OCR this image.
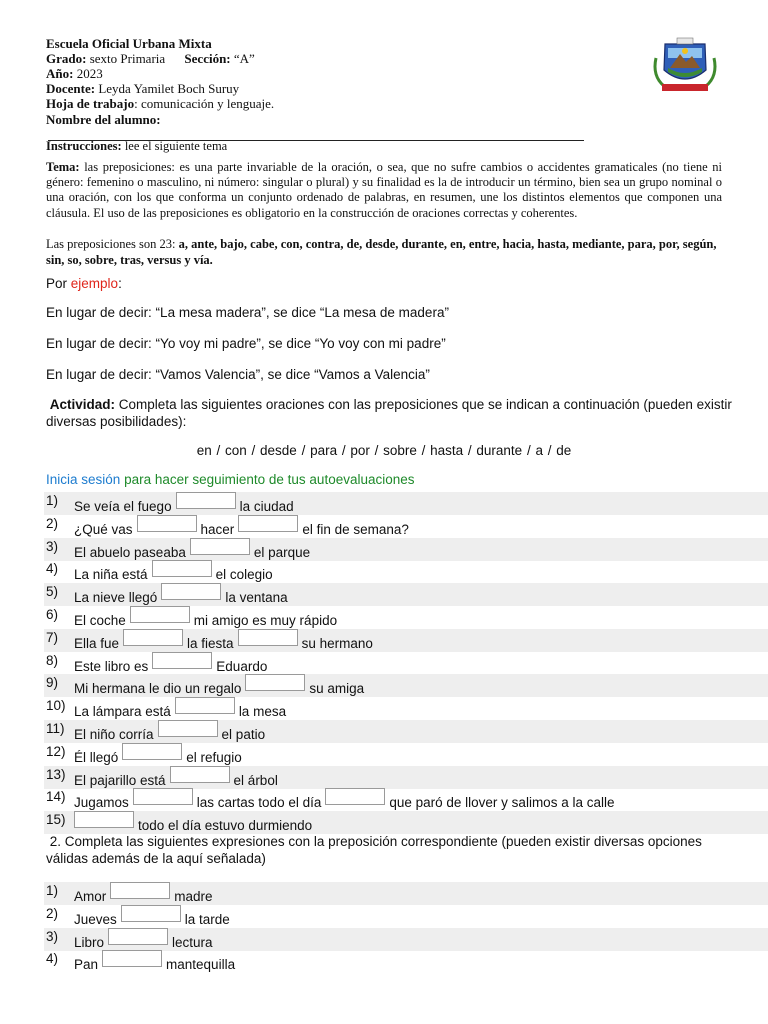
Escuela Oficial Urbana Mixta
Grado: sexto Primaria Sección: “A”
Año: 2023
Docente: Leyda Yamilet Boch Suruy
Hoja de trabajo: comunicación y lenguaje.
Nombre del alumno:
Instrucciones: lee el siguiente tema
Tema: las preposiciones: es una parte invariable de la oración, o sea, que no sufre cambios o accidentes gramaticales (no tiene ni género: femenino o masculino, ni número: singular o plural) y su finalidad es la de introducir un término, bien sea un grupo nominal o una oración, con los que conforma un conjunto ordenado de palabras, en resumen, une los distintos elementos que componen una cláusula. El uso de las preposiciones es obligatorio en la construcción de oraciones correctas y coherentes.
Las preposiciones son 23: a, ante, bajo, cabe, con, contra, de, desde, durante, en, entre, hacia, hasta, mediante, para, por, según, sin, so, sobre, tras, versus y vía.
Por ejemplo:
En lugar de decir: “La mesa madera”, se dice “La mesa de madera”
En lugar de decir: “Yo voy mi padre”, se dice “Yo voy con mi padre”
En lugar de decir: “Vamos Valencia”, se dice “Vamos a Valencia”
Actividad: Completa las siguientes oraciones con las preposiciones que se indican a continuación (pueden existir diversas posibilidades):
en / con / desde / para / por / sobre / hasta / durante / a / de
Inicia sesión para hacer seguimiento de tus autoevaluaciones
1) Se veía el fuego	la ciudad
2) ¿Qué vas	hacer	el fin de semana?
3) El abuelo paseaba	el parque
4) La niña está	el colegio
5) La nieve llegó	la ventana
6) El coche	mi amigo es muy rápido
7) Ella fue	la fiesta	su hermano
8) Este libro es	Eduardo
9) Mi hermana le dio un regalo	su amiga
10) La lámpara está	la mesa
11) El niño corría	el patio
12) Él llegó	el refugio
13) El pajarillo está	el árbol
14) Jugamos	las cartas todo el día	que paró de llover y salimos a la calle
15)	todo el día estuvo durmiendo
2. Completa las siguientes expresiones con la preposición correspondiente (pueden existir diversas opciones válidas además de la aquí señalada)
1) Amor	madre
2) Jueves	la tarde
3) Libro	lectura
4) Pan	mantequilla
